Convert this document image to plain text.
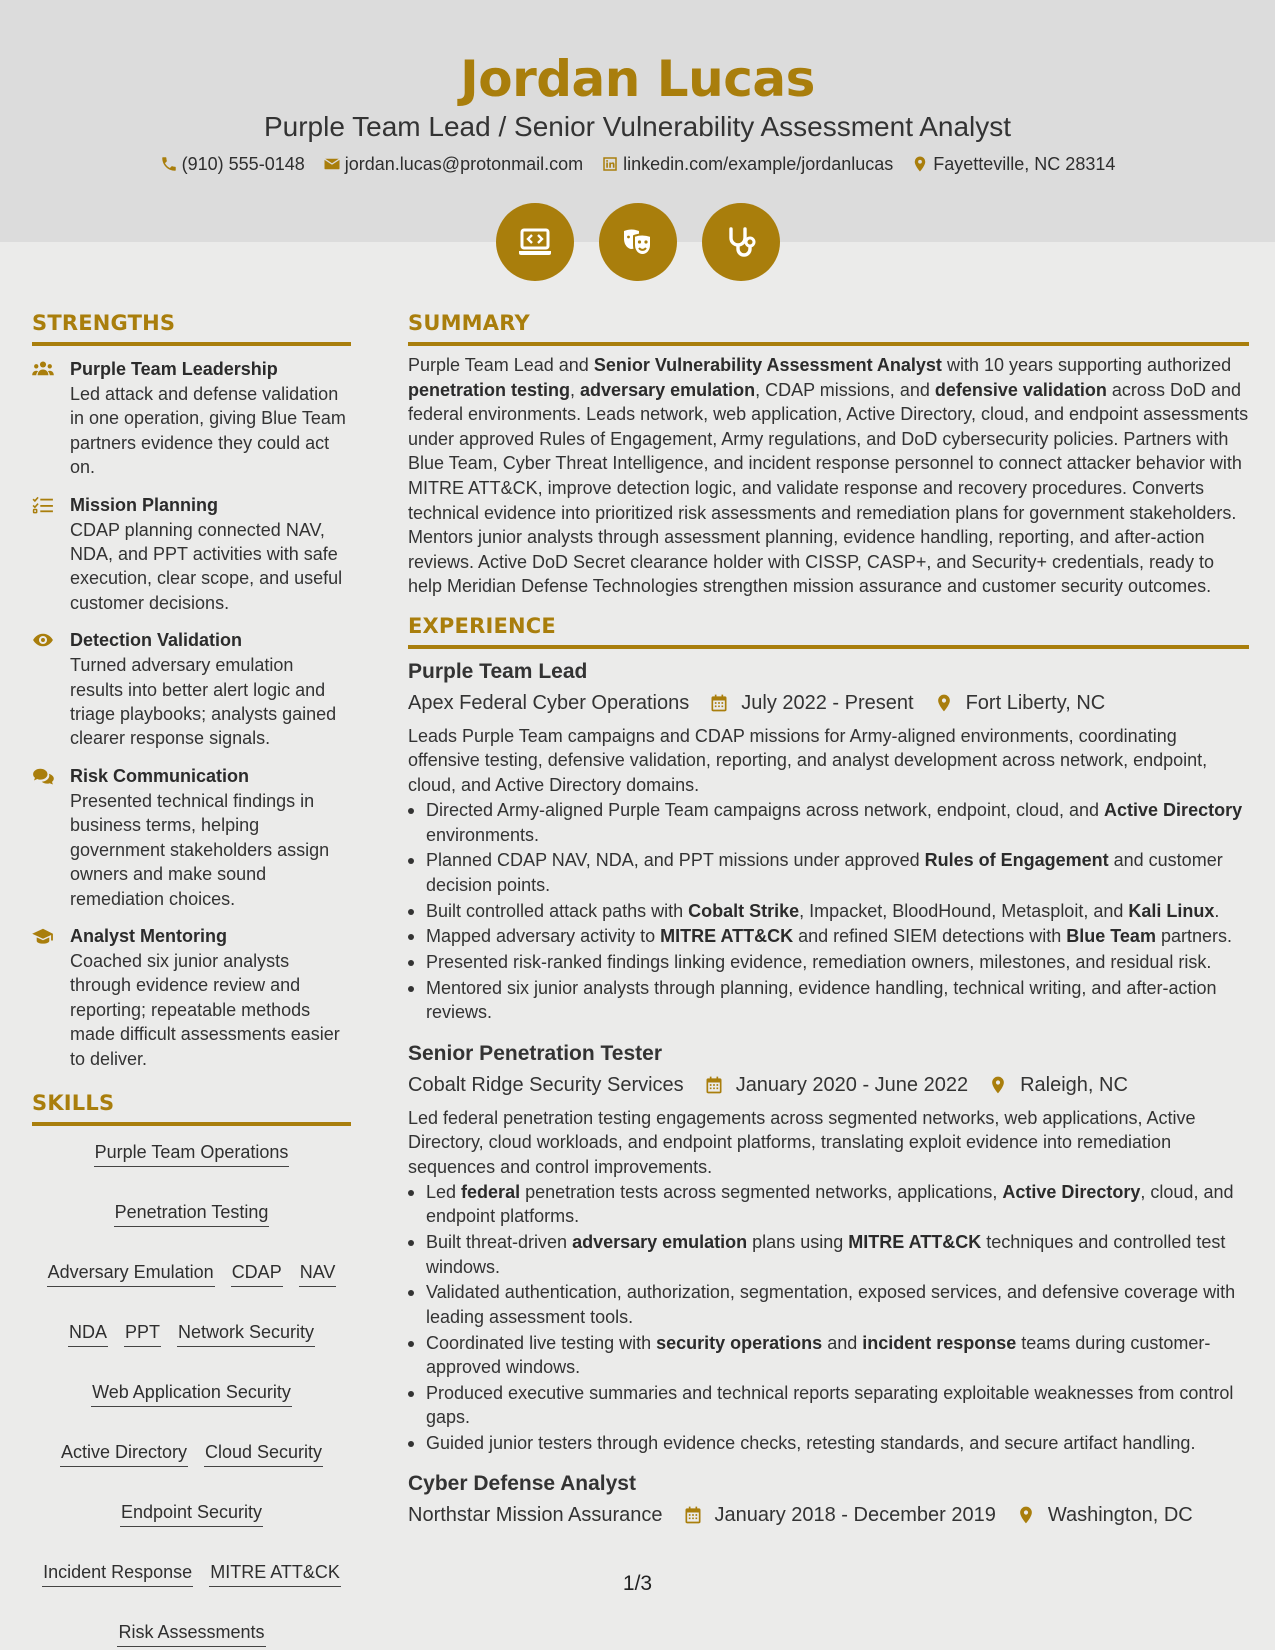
Jordan Lucas
Purple Team Lead / Senior Vulnerability Assessment Analyst
(910) 555-0148 jordan.lucas@protonmail.com linkedin.com/example/jordanlucas Fayetteville, NC 28314
STRENGTHS
Purple Team Leadership
Led attack and defense validation in one operation, giving Blue Team partners evidence they could act on.
Mission Planning
CDAP planning connected NAV, NDA, and PPT activities with safe execution, clear scope, and useful customer decisions.
Detection Validation
Turned adversary emulation results into better alert logic and triage playbooks; analysts gained clearer response signals.
Risk Communication
Presented technical findings in business terms, helping government stakeholders assign owners and make sound remediation choices.
Analyst Mentoring
Coached six junior analysts through evidence review and reporting; repeatable methods made difficult assessments easier to deliver.
SKILLS
Purple Team Operations
Penetration Testing
Adversary Emulation CDAP NAV
NDA PPT Network Security
Web Application Security
Active Directory Cloud Security
Endpoint Security
Incident Response MITRE ATT&CK
Risk Assessments
SUMMARY
Purple Team Lead and Senior Vulnerability Assessment Analyst with 10 years supporting authorized penetration testing, adversary emulation, CDAP missions, and defensive validation across DoD and federal environments. Leads network, web application, Active Directory, cloud, and endpoint assessments under approved Rules of Engagement, Army regulations, and DoD cybersecurity policies. Partners with Blue Team, Cyber Threat Intelligence, and incident response personnel to connect attacker behavior with MITRE ATT&CK, improve detection logic, and validate response and recovery procedures. Converts technical evidence into prioritized risk assessments and remediation plans for government stakeholders. Mentors junior analysts through assessment planning, evidence handling, reporting, and after-action reviews. Active DoD Secret clearance holder with CISSP, CASP+, and Security+ credentials, ready to help Meridian Defense Technologies strengthen mission assurance and customer security outcomes.
EXPERIENCE
Purple Team Lead
Apex Federal Cyber Operations	July 2022 - Present	Fort Liberty, NC
Leads Purple Team campaigns and CDAP missions for Army-aligned environments, coordinating offensive testing, defensive validation, reporting, and analyst development across network, endpoint, cloud, and Active Directory domains.
Directed Army-aligned Purple Team campaigns across network, endpoint, cloud, and Active Directory environments.
Planned CDAP NAV, NDA, and PPT missions under approved Rules of Engagement and customer decision points.
Built controlled attack paths with Cobalt Strike, Impacket, BloodHound, Metasploit, and Kali Linux.
Mapped adversary activity to MITRE ATT&CK and refined SIEM detections with Blue Team partners.
Presented risk-ranked findings linking evidence, remediation owners, milestones, and residual risk.
Mentored six junior analysts through planning, evidence handling, technical writing, and after-action reviews.
Senior Penetration Tester
Cobalt Ridge Security Services	January 2020 - June 2022	Raleigh, NC
Led federal penetration testing engagements across segmented networks, web applications, Active Directory, cloud workloads, and endpoint platforms, translating exploit evidence into remediation sequences and control improvements.
Led federal penetration tests across segmented networks, applications, Active Directory, cloud, and endpoint platforms.
Built threat-driven adversary emulation plans using MITRE ATT&CK techniques and controlled test windows.
Validated authentication, authorization, segmentation, exposed services, and defensive coverage with leading assessment tools.
Coordinated live testing with security operations and incident response teams during customer-approved windows.
Produced executive summaries and technical reports separating exploitable weaknesses from control gaps.
Guided junior testers through evidence checks, retesting standards, and secure artifact handling.
Cyber Defense Analyst
Northstar Mission Assurance	January 2018 - December 2019	Washington, DC
1/3
